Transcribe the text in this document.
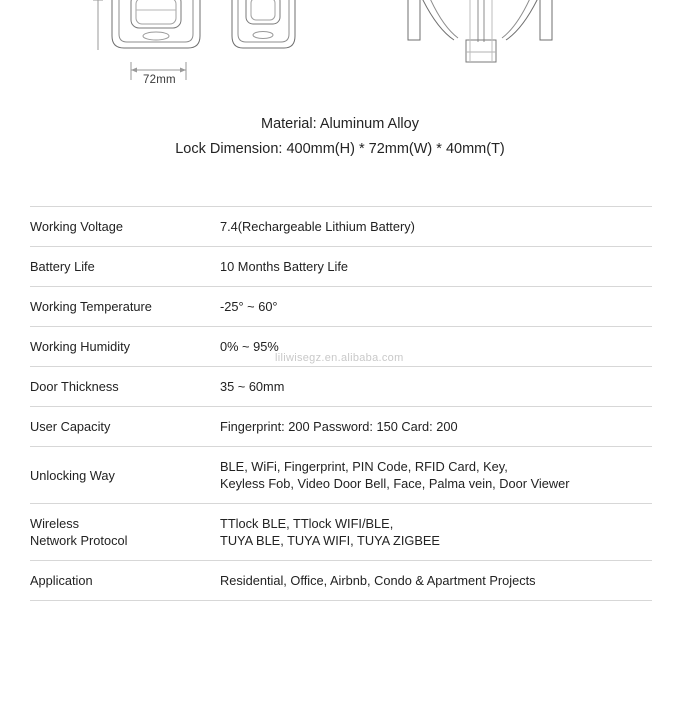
72mm
Material: Aluminum Alloy
Lock Dimension: 400mm(H) * 72mm(W) * 40mm(T)
Working Voltage	7.4(Rechargeable Lithium Battery)

Battery Life	10 Months Battery Life

Working Temperature	-25° ~ 60°

Working Humidity	0% ~ 95%

Door Thickness	35 ~ 60mm

User Capacity	Fingerprint: 200 Password: 150 Card: 200

Unlocking Way	BLE, WiFi, Fingerprint, PIN Code, RFID Card, Key,
Keyless Fob, Video Door Bell, Face, Palma vein, Door Viewer

Wireless
Network Protocol	TTlock BLE, TTlock WIFI/BLE,
TUYA BLE, TUYA WIFI, TUYA ZIGBEE

Application	Residential, Office, Airbnb, Condo & Apartment Projects
liliwisegz.en.alibaba.com
